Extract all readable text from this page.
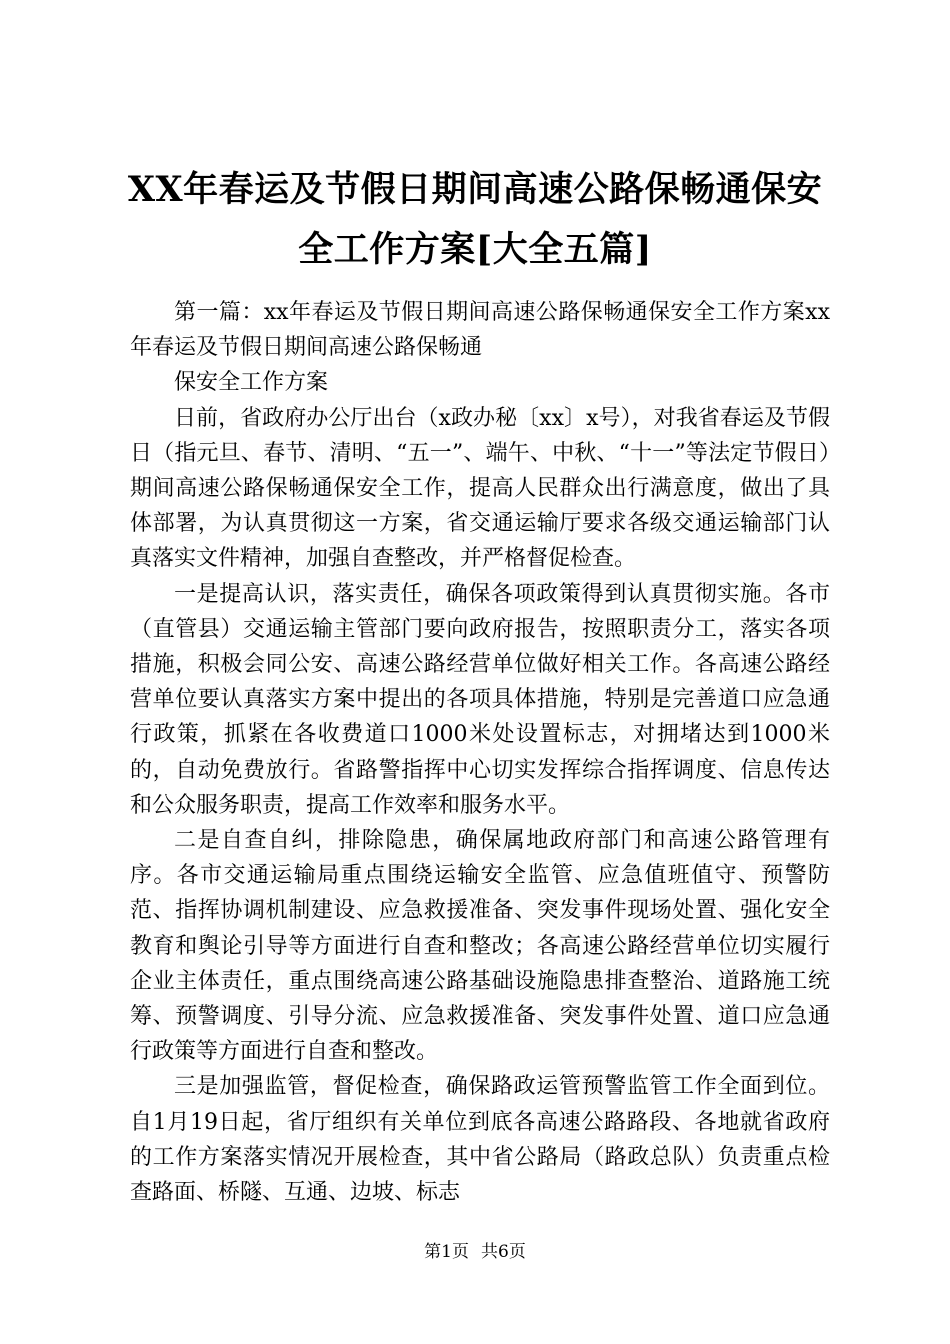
XX年春运及节假日期间高速公路保畅通保安
全工作方案[大全五篇]

第一篇：xx年春运及节假日期间高速公路保畅通保安全工作方案xx年春运及节假日期间高速公路保畅通

保安全工作方案

日前，省政府办公厅出台（x政办秘〔xx〕x号），对我省春运及节假日（指元旦、春节、清明、“五一”、端午、中秋、“十一”等法定节假日）期间高速公路保畅通保安全工作，提高人民群众出行满意度，做出了具体部署，为认真贯彻这一方案，省交通运输厅要求各级交通运输部门认真落实文件精神，加强自查整改，并严格督促检查。

一是提高认识，落实责任，确保各项政策得到认真贯彻实施。各市（直管县）交通运输主管部门要向政府报告，按照职责分工，落实各项措施，积极会同公安、高速公路经营单位做好相关工作。各高速公路经营单位要认真落实方案中提出的各项具体措施，特别是完善道口应急通行政策，抓紧在各收费道口1000米处设置标志，对拥堵达到1000米的，自动免费放行。省路警指挥中心切实发挥综合指挥调度、信息传达和公众服务职责，提高工作效率和服务水平。

二是自查自纠，排除隐患，确保属地政府部门和高速公路管理有序。各市交通运输局重点围绕运输安全监管、应急值班值守、预警防范、指挥协调机制建设、应急救援准备、突发事件现场处置、强化安全教育和舆论引导等方面进行自查和整改；各高速公路经营单位切实履行企业主体责任，重点围绕高速公路基础设施隐患排查整治、道路施工统筹、预警调度、引导分流、应急救援准备、突发事件处置、道口应急通行政策等方面进行自查和整改。

三是加强监管，督促检查，确保路政运管预警监管工作全面到位。自1月19日起，省厅组织有关单位到底各高速公路路段、各地就省政府的工作方案落实情况开展检查，其中省公路局（路政总队）负责重点检查路面、桥隧、互通、边坡、标志

第1页 共6页
